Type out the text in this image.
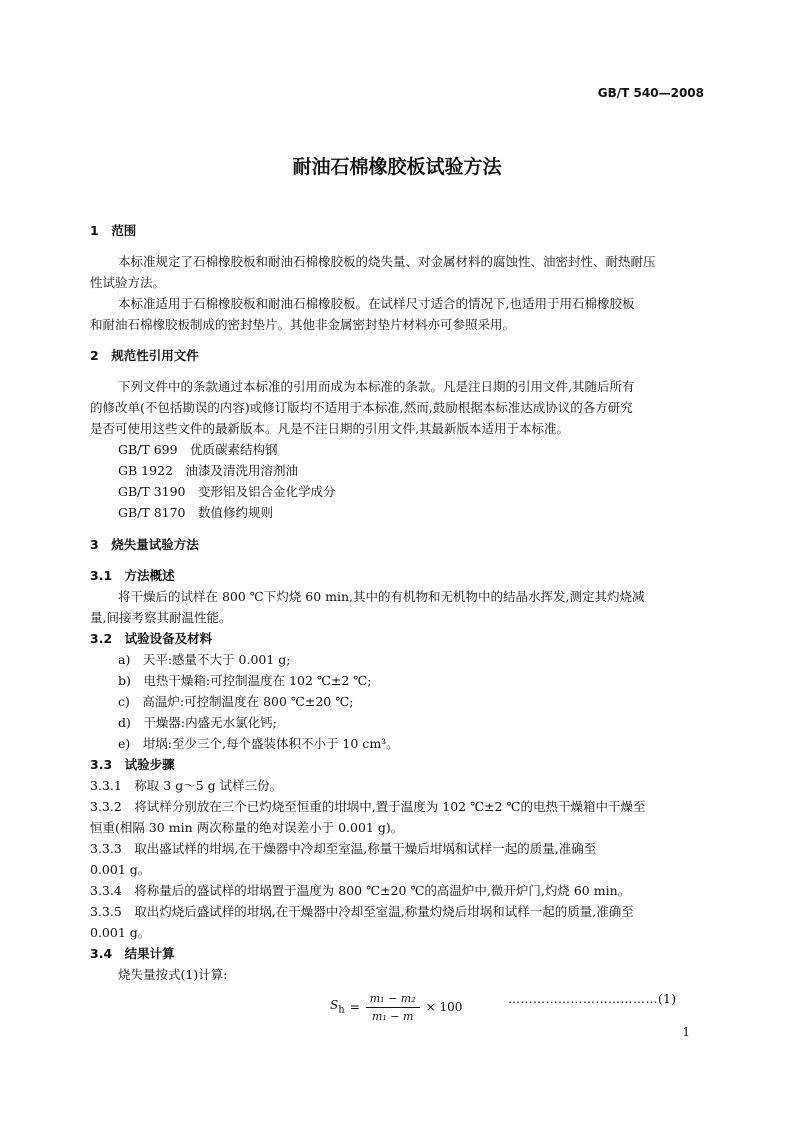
GB/T 540—2008
耐油石棉橡胶板试验方法
1　范围
本标准规定了石棉橡胶板和耐油石棉橡胶板的烧失量、对金属材料的腐蚀性、油密封性、耐热耐压
性试验方法。
本标准适用于石棉橡胶板和耐油石棉橡胶板。在试样尺寸适合的情况下,也适用于用石棉橡胶板
和耐油石棉橡胶板制成的密封垫片。其他非金属密封垫片材料亦可参照采用。
2　规范性引用文件
下列文件中的条款通过本标准的引用而成为本标准的条款。凡是注日期的引用文件,其随后所有
的修改单(不包括勘误的内容)或修订版均不适用于本标准,然而,鼓励根据本标准达成协议的各方研究
是否可使用这些文件的最新版本。凡是不注日期的引用文件,其最新版本适用于本标准。
GB/T 699　优质碳素结构钢
GB 1922　油漆及清洗用溶剂油
GB/T 3190　变形铝及铝合金化学成分
GB/T 8170　数值修约规则
3　烧失量试验方法
3.1　方法概述
将干燥后的试样在 800 ℃下灼烧 60 min,其中的有机物和无机物中的结晶水挥发,测定其灼烧减
量,间接考察其耐温性能。
3.2　试验设备及材料
a)　天平:感量不大于 0.001 g;
b)　电热干燥箱:可控制温度在 102 ℃±2 ℃;
c)　高温炉:可控制温度在 800 ℃±20 ℃;
d)　干燥器:内盛无水氯化钙;
e)　坩埚:至少三个,每个盛装体积不小于 10 cm³。
3.3　试验步骤
3.3.1　称取 3 g～5 g 试样三份。
3.3.2　将试样分别放在三个已灼烧至恒重的坩埚中,置于温度为 102 ℃±2 ℃的电热干燥箱中干燥至
恒重(相隔 30 min 两次称量的绝对误差小于 0.001 g)。
3.3.3　取出盛试样的坩埚,在干燥器中冷却至室温,称量干燥后坩埚和试样一起的质量,准确至
0.001 g。
3.3.4　将称量后的盛试样的坩埚置于温度为 800 ℃±20 ℃的高温炉中,微开炉门,灼烧 60 min。
3.3.5　取出灼烧后盛试样的坩埚,在干燥器中冷却至室温,称量灼烧后坩埚和试样一起的质量,准确至
0.001 g。
3.4　结果计算
烧失量按式(1)计算:
$S_h = \frac{\text{m₁ − m₂}}{\text{m₁ − m}} \times 100$
………………………………(1)
1
